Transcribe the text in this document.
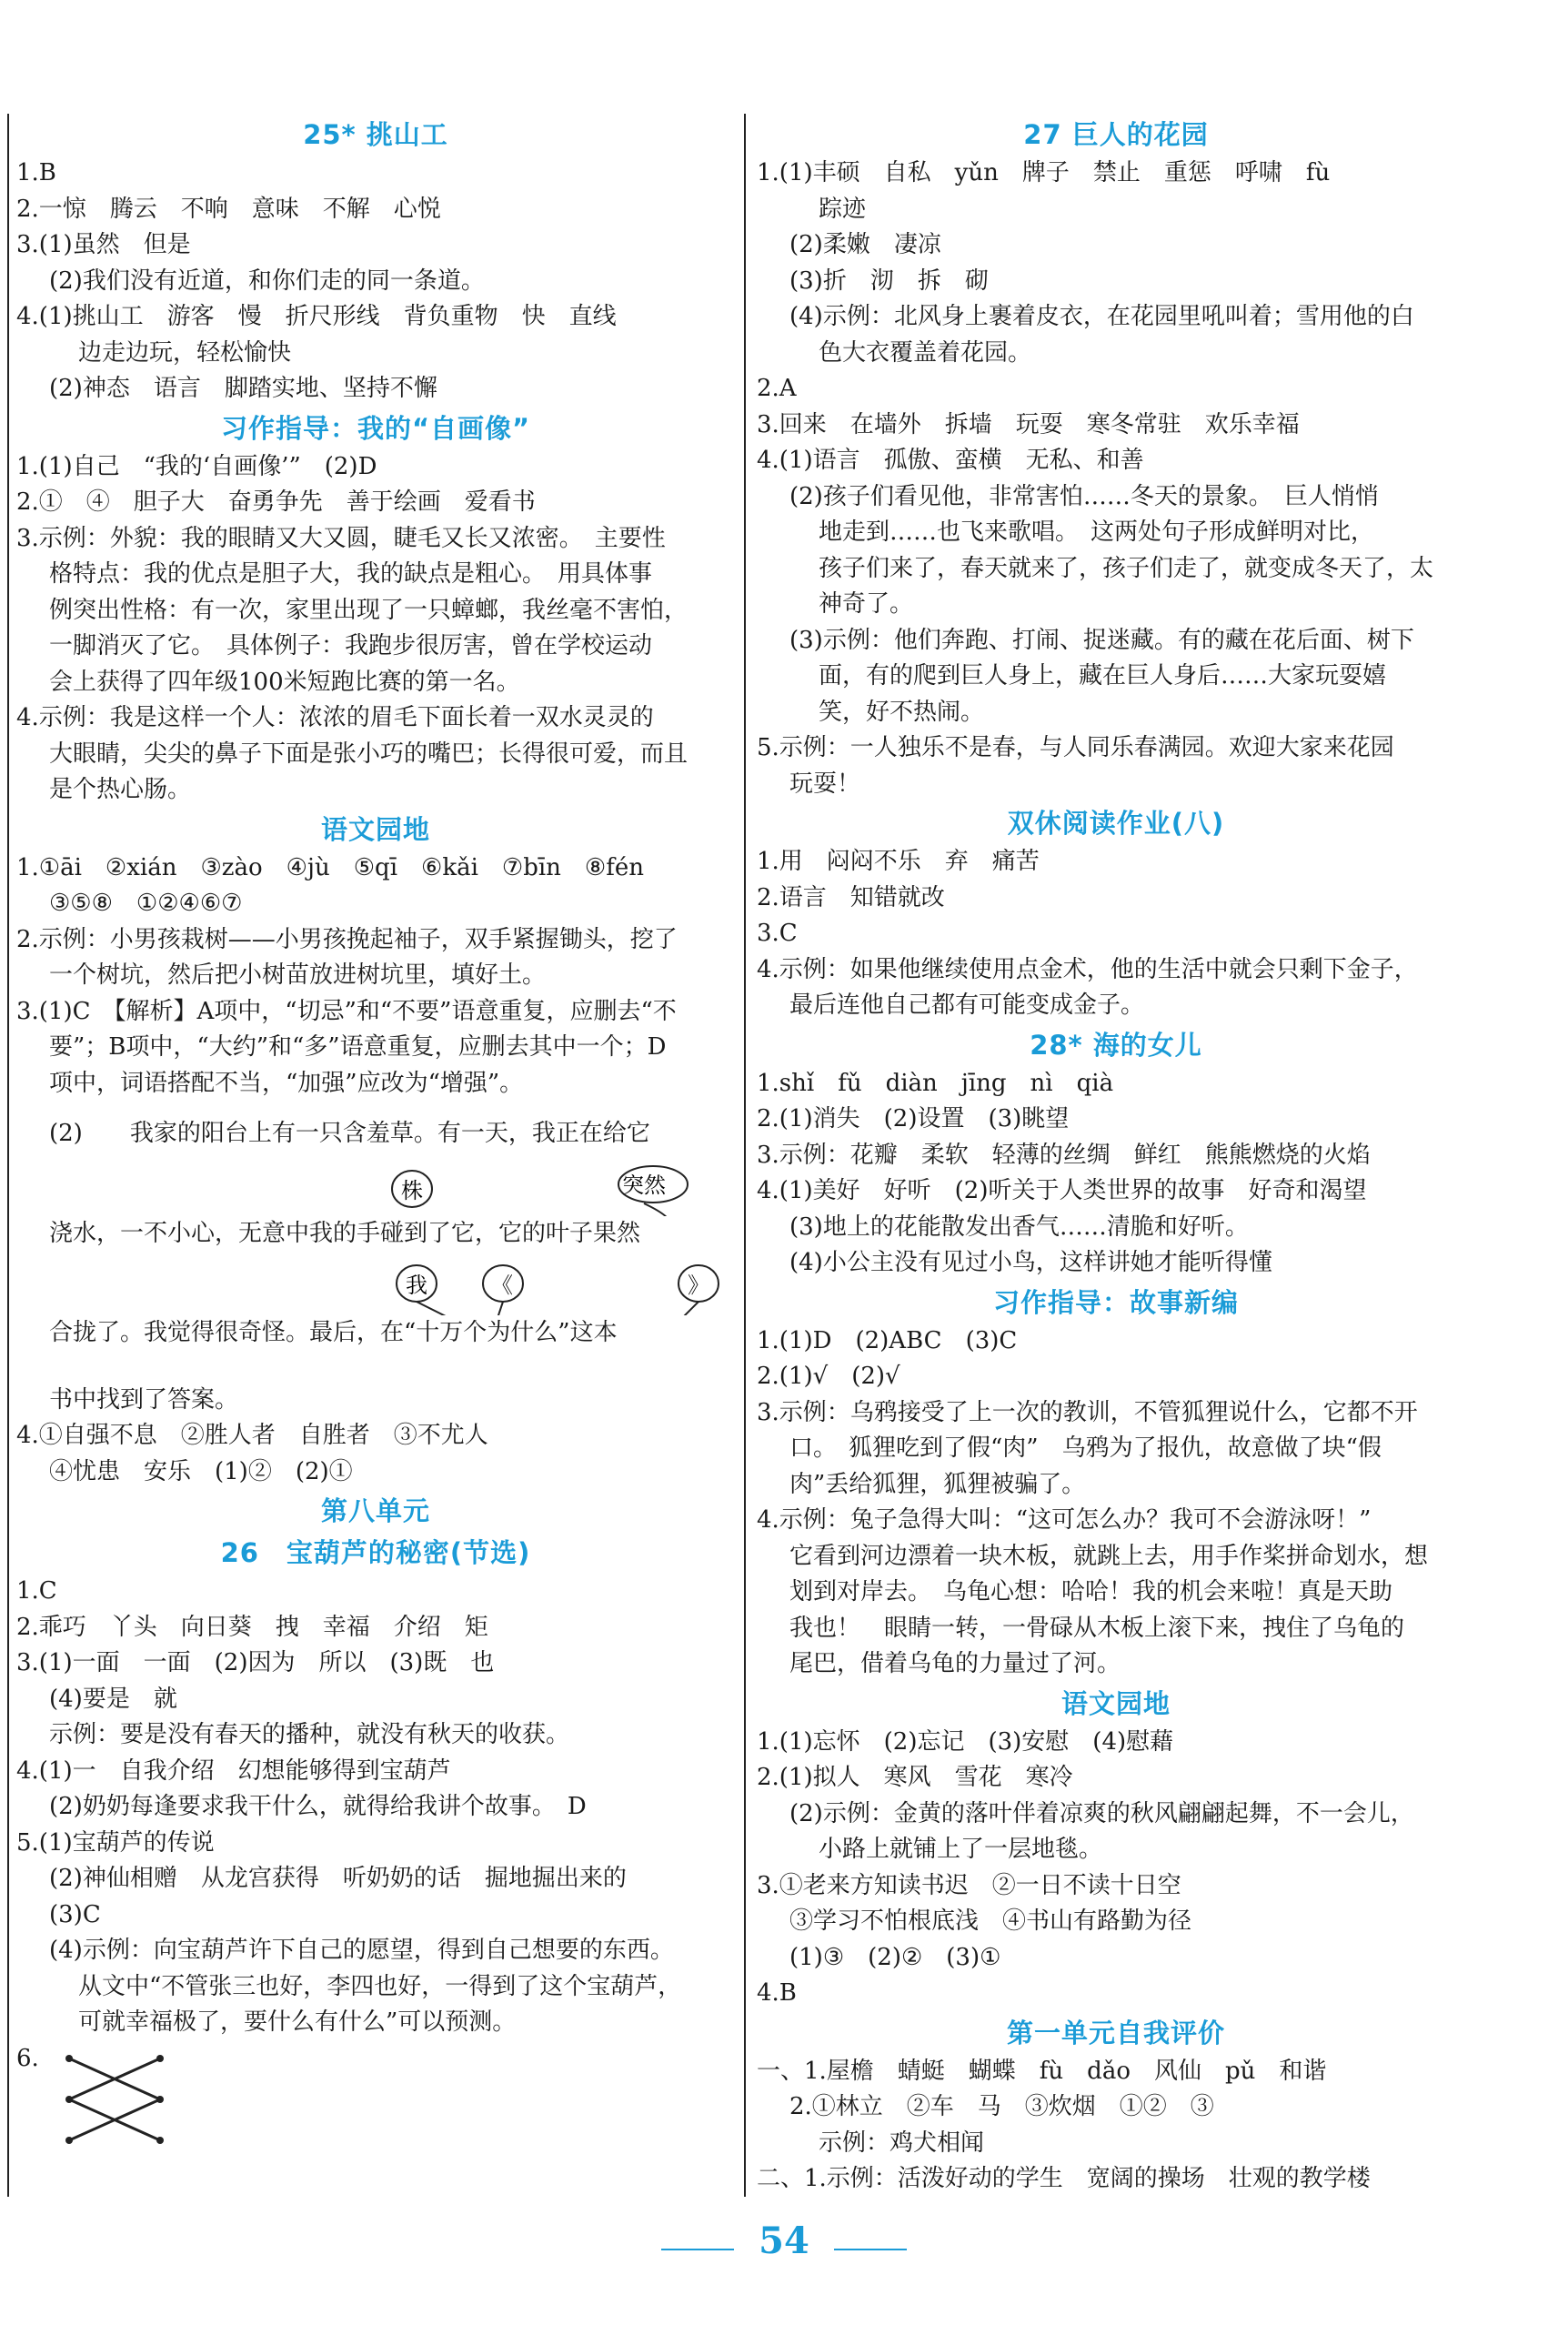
25* 挑山工
1.B
2.一惊　腾云　不响　意味　不解　心悦
3.(1)虽然　但是
(2)我们没有近道，和你们走的同一条道。
4.(1)挑山工　游客　慢　折尺形线　背负重物　快　直线
边走边玩，轻松愉快
(2)神态　语言　脚踏实地、坚持不懈
习作指导：我的“自画像”
1.(1)自己　“我的‘自画像’”　(2)D
2.①　④　胆子大　奋勇争先　善于绘画　爱看书
3.示例：外貌：我的眼睛又大又圆，睫毛又长又浓密。　主要性
格特点：我的优点是胆子大，我的缺点是粗心。　用具体事
例突出性格：有一次，家里出现了一只蟑螂，我丝毫不害怕，
一脚消灭了它。　具体例子：我跑步很厉害，曾在学校运动
会上获得了四年级100米短跑比赛的第一名。
4.示例：我是这样一个人：浓浓的眉毛下面长着一双水灵灵的
大眼睛，尖尖的鼻子下面是张小巧的嘴巴；长得很可爱，而且
是个热心肠。
语文园地
1.①āi　②xián　③zào　④jù　⑤qī　⑥kǎi　⑦bīn　⑧fén
③⑤⑧　①②④⑥⑦
2.示例：小男孩栽树——小男孩挽起袖子，双手紧握锄头，挖了
一个树坑，然后把小树苗放进树坑里，填好土。
3.(1)C　【解析】A项中，“切忌”和“不要”语意重复，应删去“不
要”；B项中，“大约”和“多”语意重复，应删去其中一个；D
项中，词语搭配不当，“加强”应改为“增强”。
(2)　　我家的阳台上有一只含羞草。有一天，我正在给它
株	突然
浇水，一不小心，无意中我的手碰到了它，它的叶子果然
我	《	》
合拢了。我觉得很奇怪。最后，在“十万个为什么”这本
书中找到了答案。
4.①自强不息　②胜人者　自胜者　③不尤人
④忧患　安乐　(1)②　(2)①
第八单元
26　宝葫芦的秘密(节选)
1.C
2.乖巧　丫头　向日葵　拽　幸福　介绍　矩
3.(1)一面　一面　(2)因为　所以　(3)既　也
(4)要是　就
示例：要是没有春天的播种，就没有秋天的收获。
4.(1)一　自我介绍　幻想能够得到宝葫芦
(2)奶奶每逢要求我干什么，就得给我讲个故事。　D
5.(1)宝葫芦的传说
(2)神仙相赠　从龙宫获得　听奶奶的话　掘地掘出来的
(3)C
(4)示例：向宝葫芦许下自己的愿望，得到自己想要的东西。
从文中“不管张三也好，李四也好，一得到了这个宝葫芦，
可就幸福极了，要什么有什么”可以预测。
6.
27 巨人的花园
1.(1)丰硕　自私　yǔn　牌子　禁止　重惩　呼啸　fù
踪迹
(2)柔嫩　凄凉
(3)折　沏　拆　砌
(4)示例：北风身上裹着皮衣，在花园里吼叫着；雪用他的白
色大衣覆盖着花园。
2.A
3.回来　在墙外　拆墙　玩耍　寒冬常驻　欢乐幸福
4.(1)语言　孤傲、蛮横　无私、和善
(2)孩子们看见他，非常害怕……冬天的景象。　巨人悄悄
地走到……也飞来歌唱。　这两处句子形成鲜明对比，
孩子们来了，春天就来了，孩子们走了，就变成冬天了，太
神奇了。
(3)示例：他们奔跑、打闹、捉迷藏。有的藏在花后面、树下
面，有的爬到巨人身上，藏在巨人身后……大家玩耍嬉
笑，好不热闹。
5.示例：一人独乐不是春，与人同乐春满园。欢迎大家来花园
玩耍！
双休阅读作业(八)
1.用　闷闷不乐　弃　痛苦
2.语言　知错就改
3.C
4.示例：如果他继续使用点金术，他的生活中就会只剩下金子，
最后连他自己都有可能变成金子。
28* 海的女儿
1.shǐ　fǔ　diàn　jīng　nì　qià
2.(1)消失　(2)设置　(3)眺望
3.示例：花瓣　柔软　轻薄的丝绸　鲜红　熊熊燃烧的火焰
4.(1)美好　好听　(2)听关于人类世界的故事　好奇和渴望
(3)地上的花能散发出香气……清脆和好听。
(4)小公主没有见过小鸟，这样讲她才能听得懂
习作指导：故事新编
1.(1)D　(2)ABC　(3)C
2.(1)√　(2)√
3.示例：乌鸦接受了上一次的教训，不管狐狸说什么，它都不开
口。　狐狸吃到了假“肉”　乌鸦为了报仇，故意做了块“假
肉”丢给狐狸，狐狸被骗了。
4.示例：兔子急得大叫：“这可怎么办？我可不会游泳呀！”
它看到河边漂着一块木板，就跳上去，用手作桨拼命划水，想
划到对岸去。　乌龟心想：哈哈！我的机会来啦！真是天助
我也！　眼睛一转，一骨碌从木板上滚下来，拽住了乌龟的
尾巴，借着乌龟的力量过了河。
语文园地
1.(1)忘怀　(2)忘记　(3)安慰　(4)慰藉
2.(1)拟人　寒风　雪花　寒冷
(2)示例：金黄的落叶伴着凉爽的秋风翩翩起舞，不一会儿，
小路上就铺上了一层地毯。
3.①老来方知读书迟　②一日不读十日空
③学习不怕根底浅　④书山有路勤为径
(1)③　(2)②　(3)①
4.B
第一单元自我评价
一、1.屋檐　蜻蜓　蝴蝶　fù　dǎo　风仙　pǔ　和谐
2.①林立　②车　马　③炊烟　①②　③
示例：鸡犬相闻
二、1.示例：活泼好动的学生　宽阔的操场　壮观的教学楼
54
